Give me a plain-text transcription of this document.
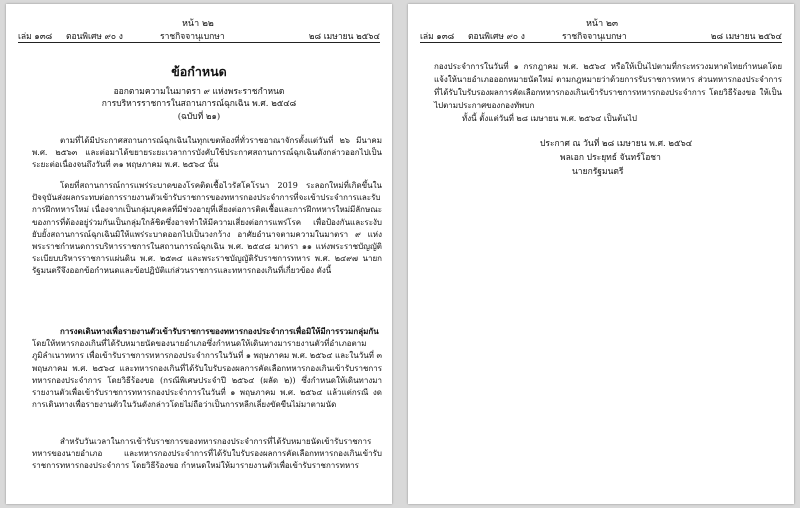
หน้า ๒๒
เล่ม ๑๓๘ ตอนพิเศษ ๙๐ ง	ราชกิจจานุเบกษา	๒๘ เมษายน ๒๕๖๔
ข้อกำหนด
ออกตามความในมาตรา ๙ แห่งพระราชกำหนด
การบริหารราชการในสถานการณ์ฉุกเฉิน พ.ศ. ๒๕๔๘
(ฉบับที่ ๒๑)

ตามที่ได้มีประกาศสถานการณ์ฉุกเฉินในทุกเขตท้องที่ทั่วราชอาณาจักรตั้งแต่วันที่ ๒๖ มีนาคม พ.ศ. ๒๕๖๓ และต่อมาได้ขยายระยะเวลาการบังคับใช้ประกาศสถานการณ์ฉุกเฉินดังกล่าวออกไปเป็นระยะต่อเนื่องจนถึงวันที่ ๓๑ พฤษภาคม พ.ศ. ๒๕๖๔ นั้น

โดยที่สถานการณ์การแพร่ระบาดของโรคติดเชื้อไวรัสโคโรนา 2019 ระลอกใหม่ที่เกิดขึ้นในปัจจุบันส่งผลกระทบต่อการรายงานตัวเข้ารับราชการของทหารกองประจำการที่จะเข้าประจำการและรับการฝึกทหารใหม่ เนื่องจากเป็นกลุ่มบุคคลที่มีช่วงอายุที่เสี่ยงต่อการติดเชื้อและการฝึกทหารใหม่มีลักษณะของการที่ต้องอยู่ร่วมกันเป็นกลุ่มใกล้ชิดซึ่งอาจทำให้มีความเสี่ยงต่อการแพร่โรค เพื่อป้องกันและระงับยับยั้งสถานการณ์ฉุกเฉินมิให้แพร่ระบาดออกไปเป็นวงกว้าง อาศัยอำนาจตามความในมาตรา ๙ แห่งพระราชกำหนดการบริหารราชการในสถานการณ์ฉุกเฉิน พ.ศ. ๒๕๔๘ มาตรา ๑๑ แห่งพระราชบัญญัติระเบียบบริหารราชการแผ่นดิน พ.ศ. ๒๕๓๔ และพระราชบัญญัติรับราชการทหาร พ.ศ. ๒๔๙๗ นายกรัฐมนตรีจึงออกข้อกำหนดและข้อปฏิบัติแก่ส่วนราชการและทหารกองเกินที่เกี่ยวข้อง ดังนี้

การงดเดินทางเพื่อรายงานตัวเข้ารับราชการของทหารกองประจำการเพื่อมิให้มีการรวมกลุ่มกัน โดยให้ทหารกองเกินที่ได้รับหมายนัดของนายอำเภอซึ่งกำหนดให้เดินทางมารายงานตัวที่อำเภอตามภูมิลำเนาทหาร เพื่อเข้ารับราชการทหารกองประจำการในวันที่ ๑ พฤษภาคม พ.ศ. ๒๕๖๔ และในวันที่ ๓ พฤษภาคม พ.ศ. ๒๕๖๔ และทหารกองเกินที่ได้รับใบรับรองผลการคัดเลือกทหารกองเกินเข้ารับราชการทหารกองประจำการ โดยวิธีร้องขอ (กรณีพิเศษประจำปี ๒๕๖๔ (ผลัด ๒)) ซึ่งกำหนดให้เดินทางมารายงานตัวเพื่อเข้ารับราชการทหารกองประจำการในวันที่ ๑ พฤษภาคม พ.ศ. ๒๕๖๔ แล้วแต่กรณี งดการเดินทางเพื่อรายงานตัวในวันดังกล่าวโดยไม่ถือว่าเป็นการหลีกเลี่ยงขัดขืนไม่มาตามนัด

สำหรับวันเวลาในการเข้ารับราชการของทหารกองประจำการที่ได้รับหมายนัดเข้ารับราชการทหารของนายอำเภอ และทหารกองประจำการที่ได้รับใบรับรองผลการคัดเลือกทหารกองเกินเข้ารับราชการทหารกองประจำการ โดยวิธีร้องขอ กำหนดใหม่ให้มารายงานตัวเพื่อเข้ารับราชการทหาร

หน้า ๒๓
เล่ม ๑๓๘ ตอนพิเศษ ๙๐ ง	ราชกิจจานุเบกษา	๒๘ เมษายน ๒๕๖๔

กองประจำการในวันที่ ๑ กรกฎาคม พ.ศ. ๒๕๖๔ หรือให้เป็นไปตามที่กระทรวงมหาดไทยกำหนดโดยแจ้งให้นายอำเภอออกหมายนัดใหม่ ตามกฎหมายว่าด้วยการรับราชการทหาร ส่วนทหารกองประจำการที่ได้รับใบรับรองผลการคัดเลือกทหารกองเกินเข้ารับราชการทหารกองประจำการ โดยวิธีร้องขอ ให้เป็นไปตามประกาศของกองทัพบก

ทั้งนี้ ตั้งแต่วันที่ ๒๘ เมษายน พ.ศ. ๒๕๖๔ เป็นต้นไป

ประกาศ ณ วันที่ ๒๘ เมษายน พ.ศ. ๒๕๖๔
พลเอก ประยุทธ์ จันทร์โอชา
นายกรัฐมนตรี
